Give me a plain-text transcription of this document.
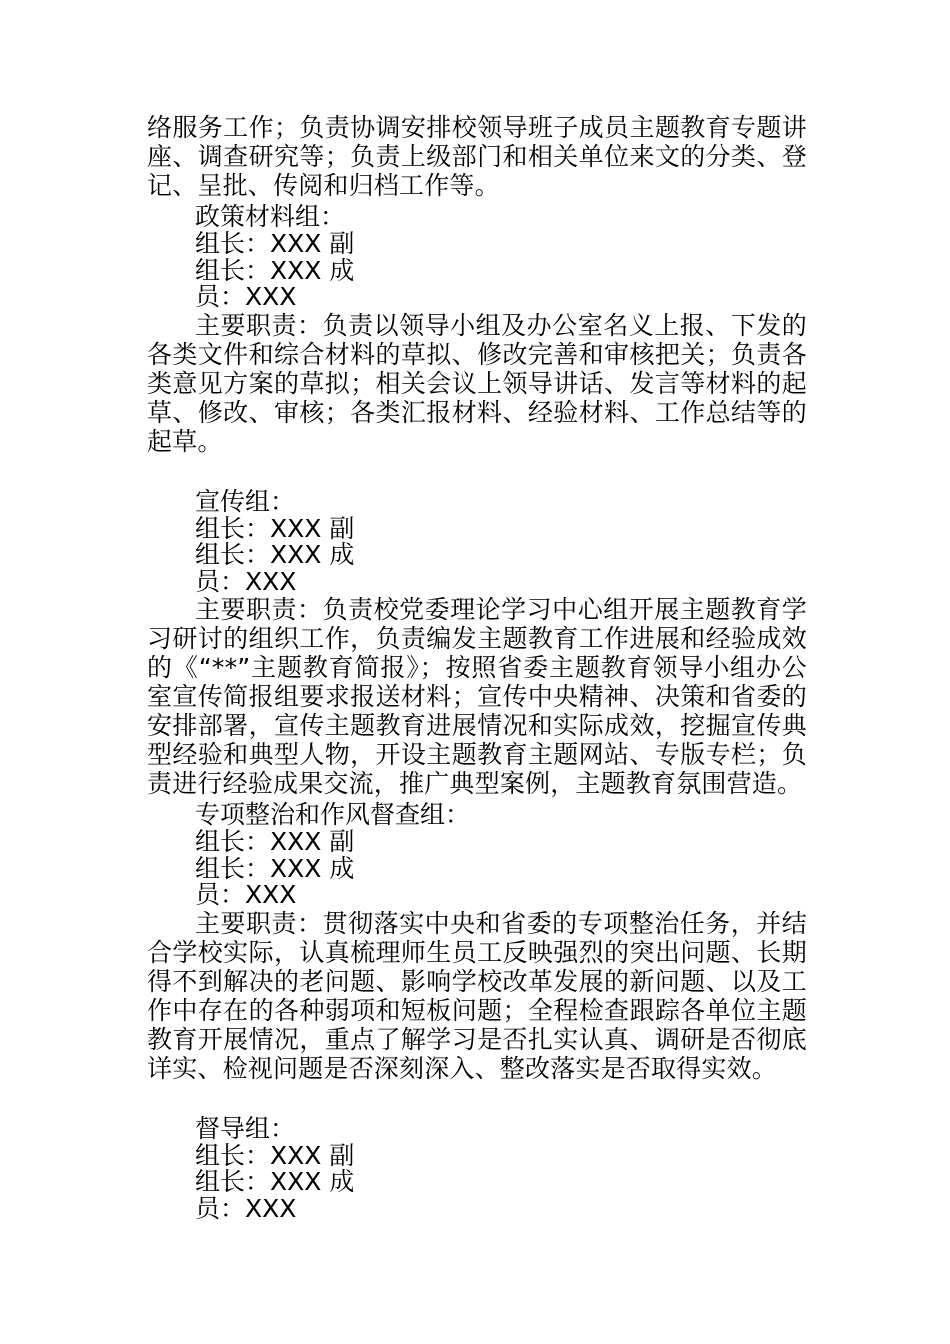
络服务工作；负责协调安排校领导班子成员主题教育专题讲座、调查研究等；负责上级部门和相关单位来文的分类、登记、呈批、传阅和归档工作等。

政策材料组：

组长：XXX 副

组长：XXX 成

员：XXX

主要职责：负责以领导小组及办公室名义上报、下发的各类文件和综合材料的草拟、修改完善和审核把关；负责各类意见方案的草拟；相关会议上领导讲话、发言等材料的起草、修改、审核；各类汇报材料、经验材料、工作总结等的起草。

宣传组：

组长：XXX 副

组长：XXX 成

员：XXX

主要职责：负责校党委理论学习中心组开展主题教育学习研讨的组织工作，负责编发主题教育工作进展和经验成效的《“**”主题教育简报》；按照省委主题教育领导小组办公室宣传简报组要求报送材料；宣传中央精神、决策和省委的安排部署，宣传主题教育进展情况和实际成效，挖掘宣传典型经验和典型人物，开设主题教育主题网站、专版专栏；负责进行经验成果交流，推广典型案例，主题教育氛围营造。

专项整治和作风督查组：

组长：XXX 副

组长：XXX 成

员：XXX

主要职责：贯彻落实中央和省委的专项整治任务，并结合学校实际，认真梳理师生员工反映强烈的突出问题、长期得不到解决的老问题、影响学校改革发展的新问题、以及工作中存在的各种弱项和短板问题；全程检查跟踪各单位主题教育开展情况，重点了解学习是否扎实认真、调研是否彻底详实、检视问题是否深刻深入、整改落实是否取得实效。

督导组：

组长：XXX 副

组长：XXX 成

员：XXX
